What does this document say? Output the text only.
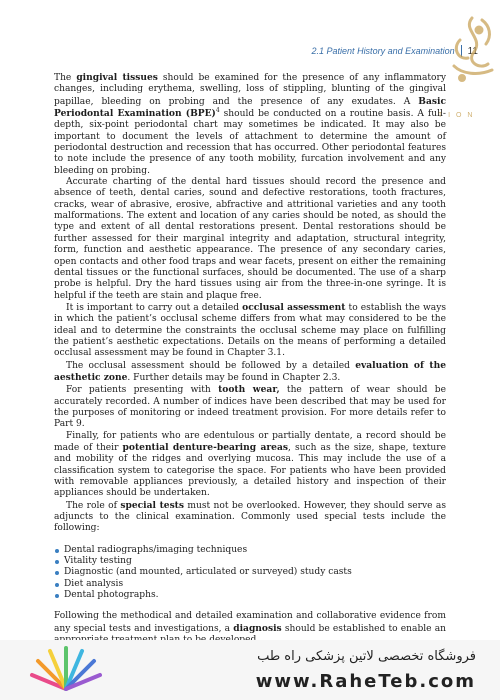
2.1 Patient History and Examination 11
T I O N

The gingival tissues should be examined for the presence of any inflammatory changes, including erythema, swelling, loss of stippling, blunting of the gingival papillae, bleeding on probing and the presence of any exudates. A Basic Periodontal Examination (BPE)$^4$ should be conducted on a routine basis. A full-depth, six-point periodontal chart may sometimes be indicated. It may also be important to document the levels of attachment to determine the amount of periodontal destruction and recession that has occurred. Other periodontal features to note include the presence of any tooth mobility, furcation involvement and any bleeding on probing.

Accurate charting of the dental hard tissues should record the presence and absence of teeth, dental caries, sound and defective restorations, tooth fractures, cracks, wear of abrasive, erosive, abfractive and attritional varieties and any tooth malformations. The extent and location of any caries should be noted, as should the type and extent of all dental restorations present. Dental restorations should be further assessed for their marginal integrity and adaptation, structural integrity, form, function and aesthetic appearance. The presence of any secondary caries, open contacts and other food traps and wear facets, present on either the remaining dental tissues or the functional surfaces, should be documented. The use of a sharp probe is helpful. Dry the hard tissues using air from the three-in-one syringe. It is helpful if the teeth are stain and plaque free.

It is important to carry out a detailed occlusal assessment to establish the ways in which the patient’s occlusal scheme differs from what may considered to be the ideal and to determine the constraints the occlusal scheme may place on fulfilling the patient’s aesthetic expectations. Details on the means of performing a detailed occlusal assessment may be found in Chapter 3.1.

The occlusal assessment should be followed by a detailed evaluation of the aesthetic zone. Further details may be found in Chapter 2.3.

For patients presenting with tooth wear, the pattern of wear should be accurately recorded. A number of indices have been described that may be used for the purposes of monitoring or indeed treatment provision. For more details refer to Part 9.

Finally, for patients who are edentulous or partially dentate, a record should be made of their potential denture-bearing areas, such as the size, shape, texture and mobility of the ridges and overlying mucosa. This may include the use of a classification system to categorise the space. For patients who have been provided with removable appliances previously, a detailed history and inspection of their appliances should be undertaken.

The role of special tests must not be overlooked. However, they should serve as adjuncts to the clinical examination. Commonly used special tests include the following:

Dental radiographs/imaging techniques
Vitality testing
Diagnostic (and mounted, articulated or surveyed) study casts
Diet analysis
Dental photographs.

Following the methodical and detailed examination and collaborative evidence from any special tests and investigations, a diagnosis should be established to enable an

فروشگاه تخصصی لاتین پزشکی راه طب
www.RaheTeb.com
